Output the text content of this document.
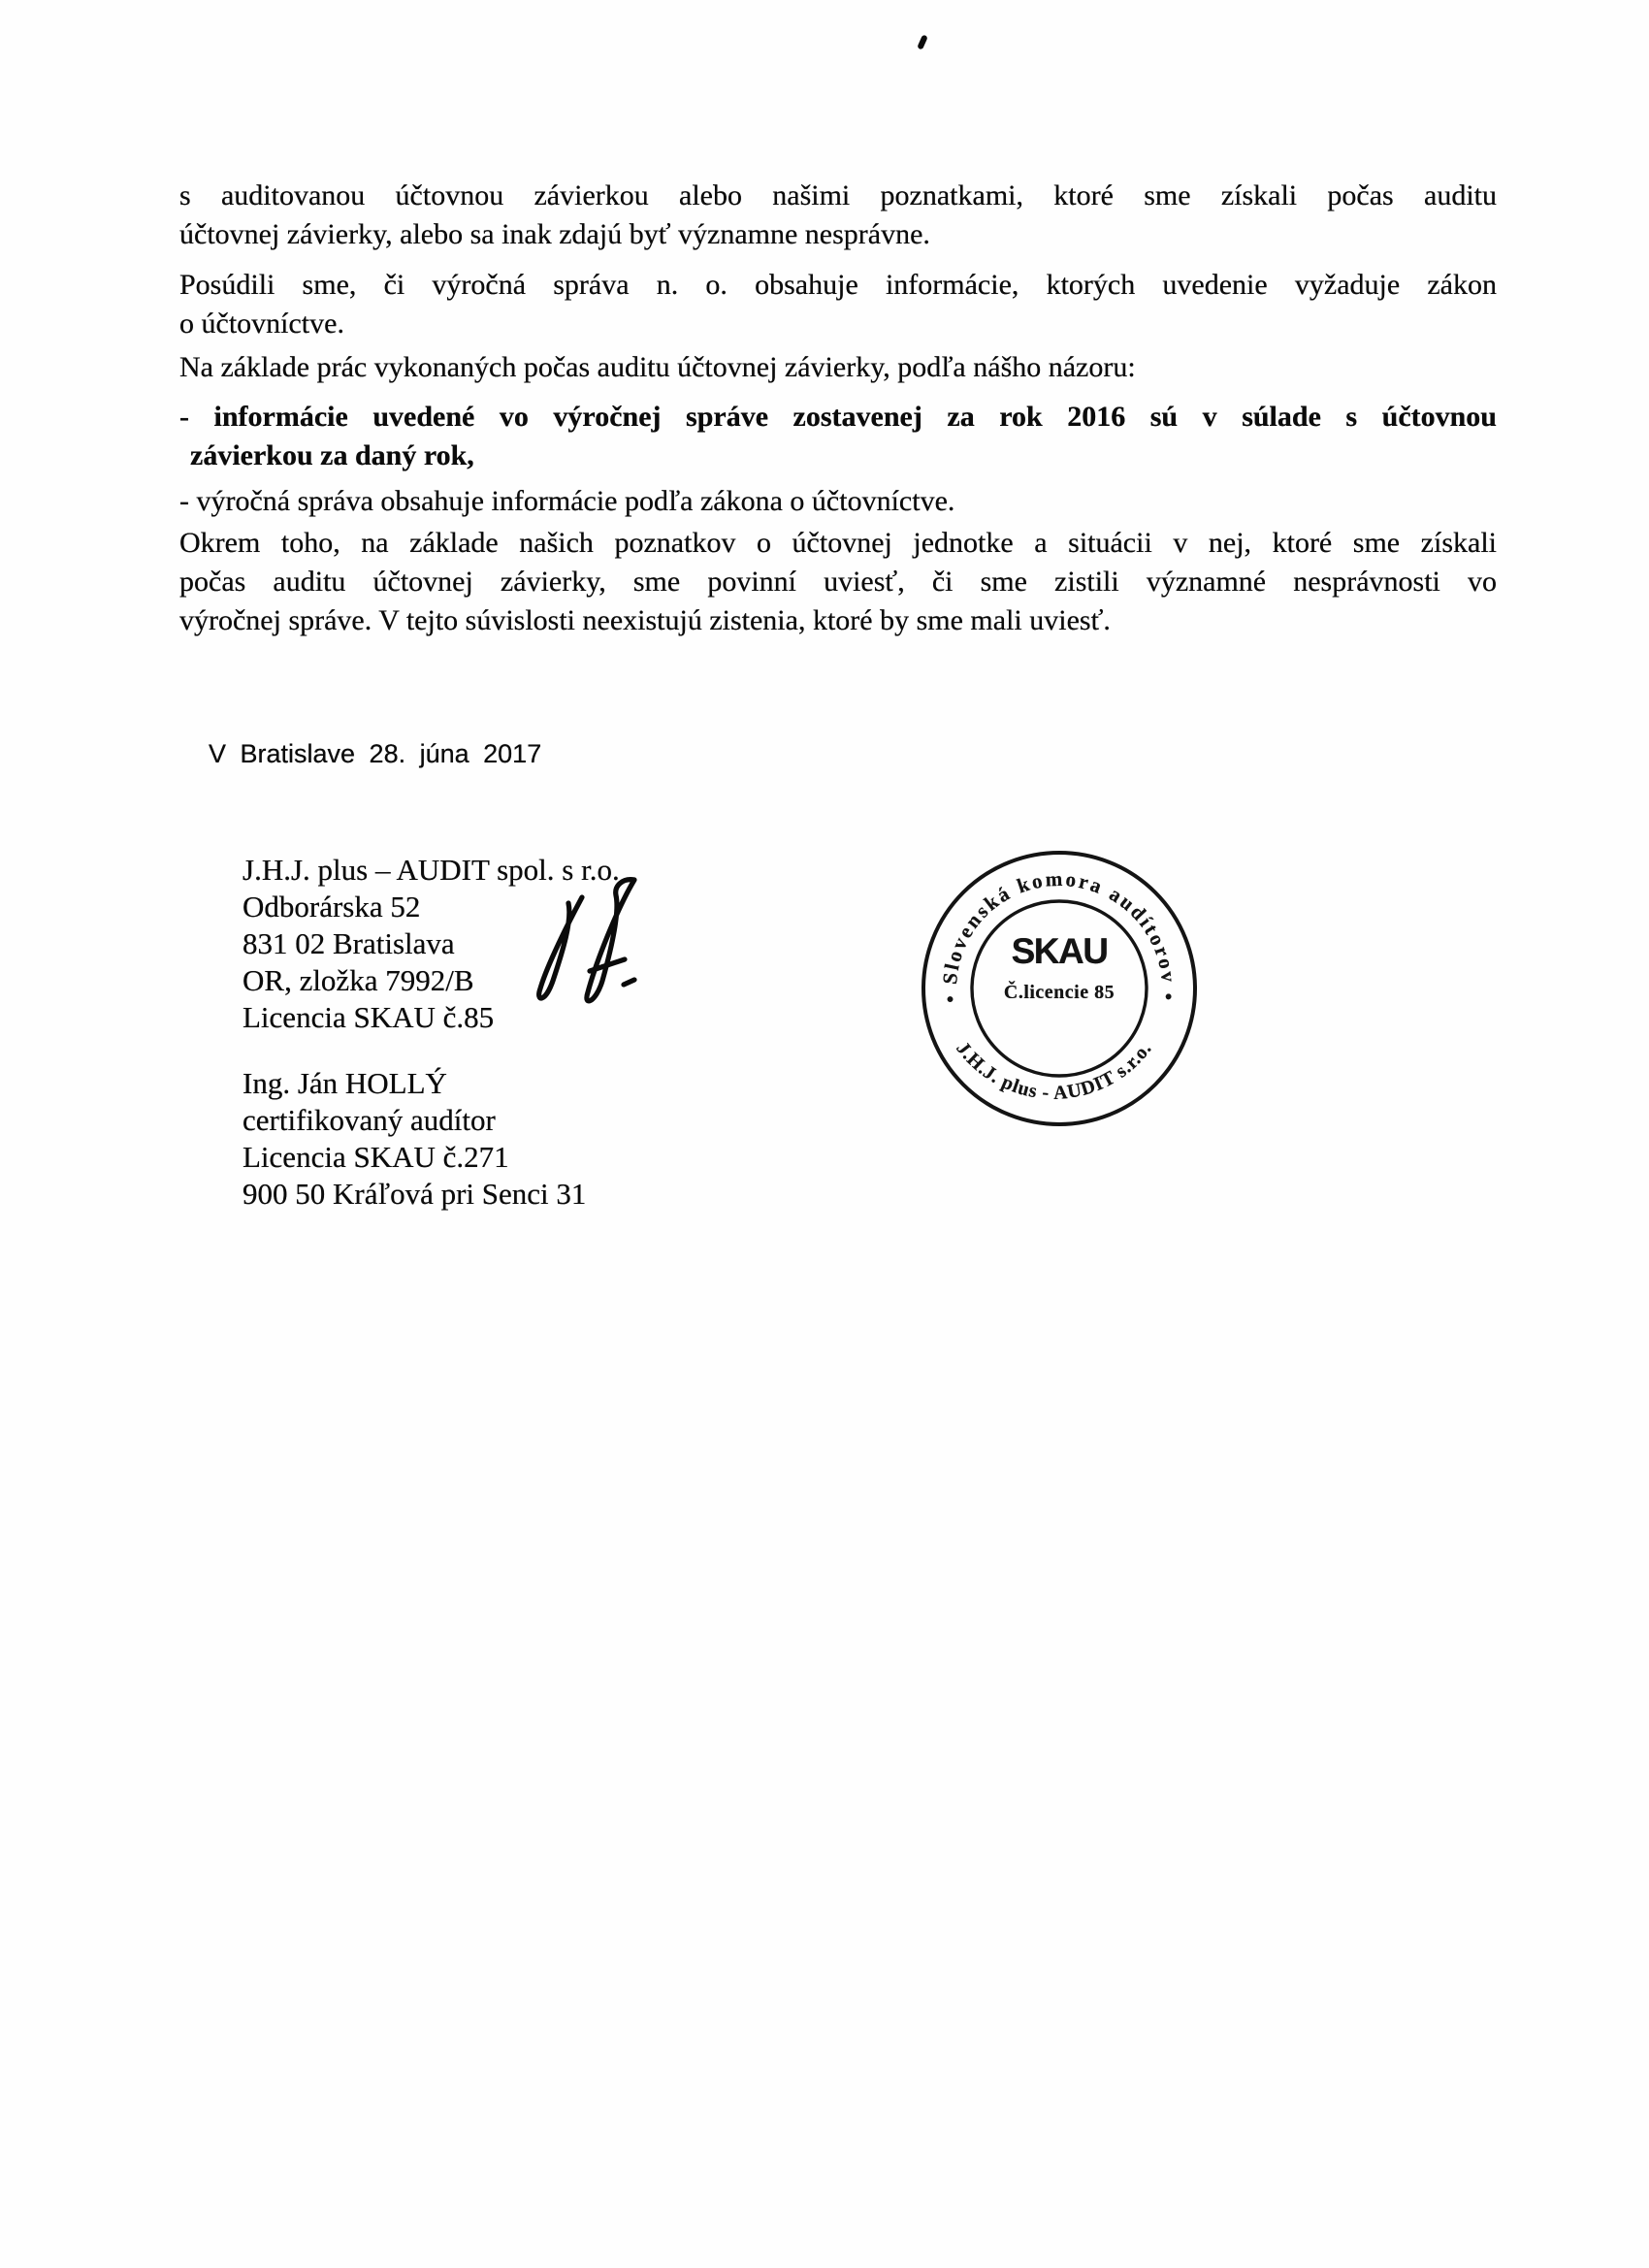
s auditovanou účtovnou závierkou alebo našimi poznatkami, ktoré sme získali počas auditu
účtovnej závierky, alebo sa inak zdajú byť významne nesprávne.
Posúdili sme, či výročná správa n. o. obsahuje informácie, ktorých uvedenie vyžaduje zákon
o účtovníctve.
Na základe prác vykonaných počas auditu účtovnej závierky, podľa nášho názoru:
- informácie uvedené vo výročnej správe zostavenej za rok 2016 sú v súlade s účtovnou
závierkou za daný rok,
- výročná správa obsahuje informácie podľa zákona o účtovníctve.
Okrem toho, na základe našich poznatkov o účtovnej jednotke a situácii v nej, ktoré sme získali
počas auditu účtovnej závierky, sme povinní uviesť, či sme zistili významné nesprávnosti vo
výročnej správe. V tejto súvislosti neexistujú zistenia, ktoré by sme mali uviesť.
V Bratislave 28. júna 2017
J.H.J. plus – AUDIT spol. s r.o.
Odborárska 52
831 02 Bratislava
OR, zložka 7992/B
Licencia SKAU č.85
Ing. Ján HOLLÝ
certifikovaný audítor
Licencia SKAU č.271
900 50 Kráľová pri Senci 31
• Slovenská komora audítorov •
J.H.J. plus - AUDIT s.r.o.
SKAU
Č.licencie 85
